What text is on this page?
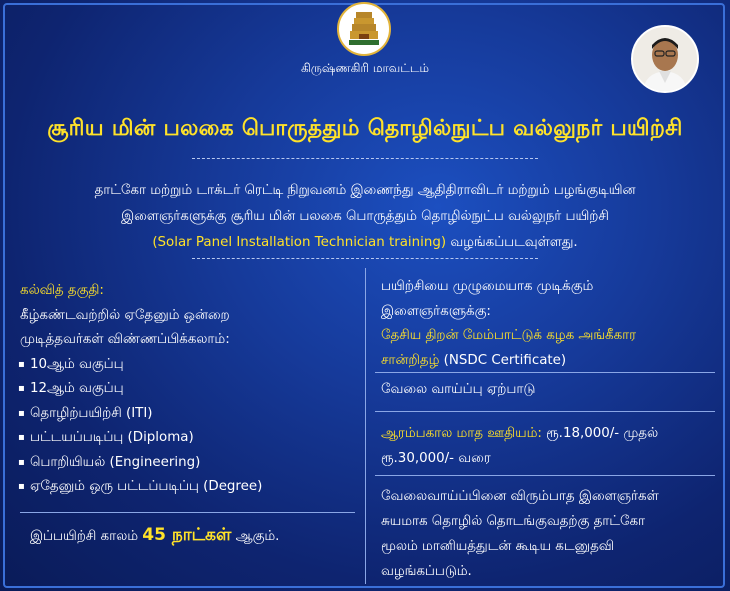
கிருஷ்ணகிரி மாவட்டம்
சூரிய மின் பலகை பொருத்தும் தொழில்நுட்ப வல்லுநர் பயிற்சி
தாட்கோ மற்றும் டாக்டர் ரெட்டி நிறுவனம் இணைந்து ஆதிதிராவிடர் மற்றும் பழங்குடியின
இளைஞர்களுக்கு சூரிய மின் பலகை பொருத்தும் தொழில்நுட்ப வல்லுநர் பயிற்சி
(Solar Panel Installation Technician training) வழங்கப்படவுள்ளது.
கல்வித் தகுதி:
கீழ்கண்டவற்றில் ஏதேனும் ஒன்றை
முடித்தவர்கள் விண்ணப்பிக்கலாம்:
▪ 10ஆம் வகுப்பு
▪ 12ஆம் வகுப்பு
▪ தொழிற்பயிற்சி (ITI)
▪ பட்டயப்படிப்பு (Diploma)
▪ பொறியியல் (Engineering)
▪ ஏதேனும் ஒரு பட்டப்படிப்பு (Degree)
இப்பயிற்சி காலம் 45 நாட்கள் ஆகும்.
பயிற்சியை முழுமையாக முடிக்கும்
இளைஞர்களுக்கு:
தேசிய திறன் மேம்பாட்டுக் கழக அங்கீகார
சான்றிதழ் (NSDC Certificate)
வேலை வாய்ப்பு ஏற்பாடு
ஆரம்பகால மாத ஊதியம்: ரூ.18,000/- முதல்
ரூ.30,000/- வரை
வேலைவாய்ப்பினை விரும்பாத இளைஞர்கள்
சுயமாக தொழில் தொடங்குவதற்கு தாட்கோ
மூலம் மானியத்துடன் கூடிய கடனுதவி
வழங்கப்படும்.
